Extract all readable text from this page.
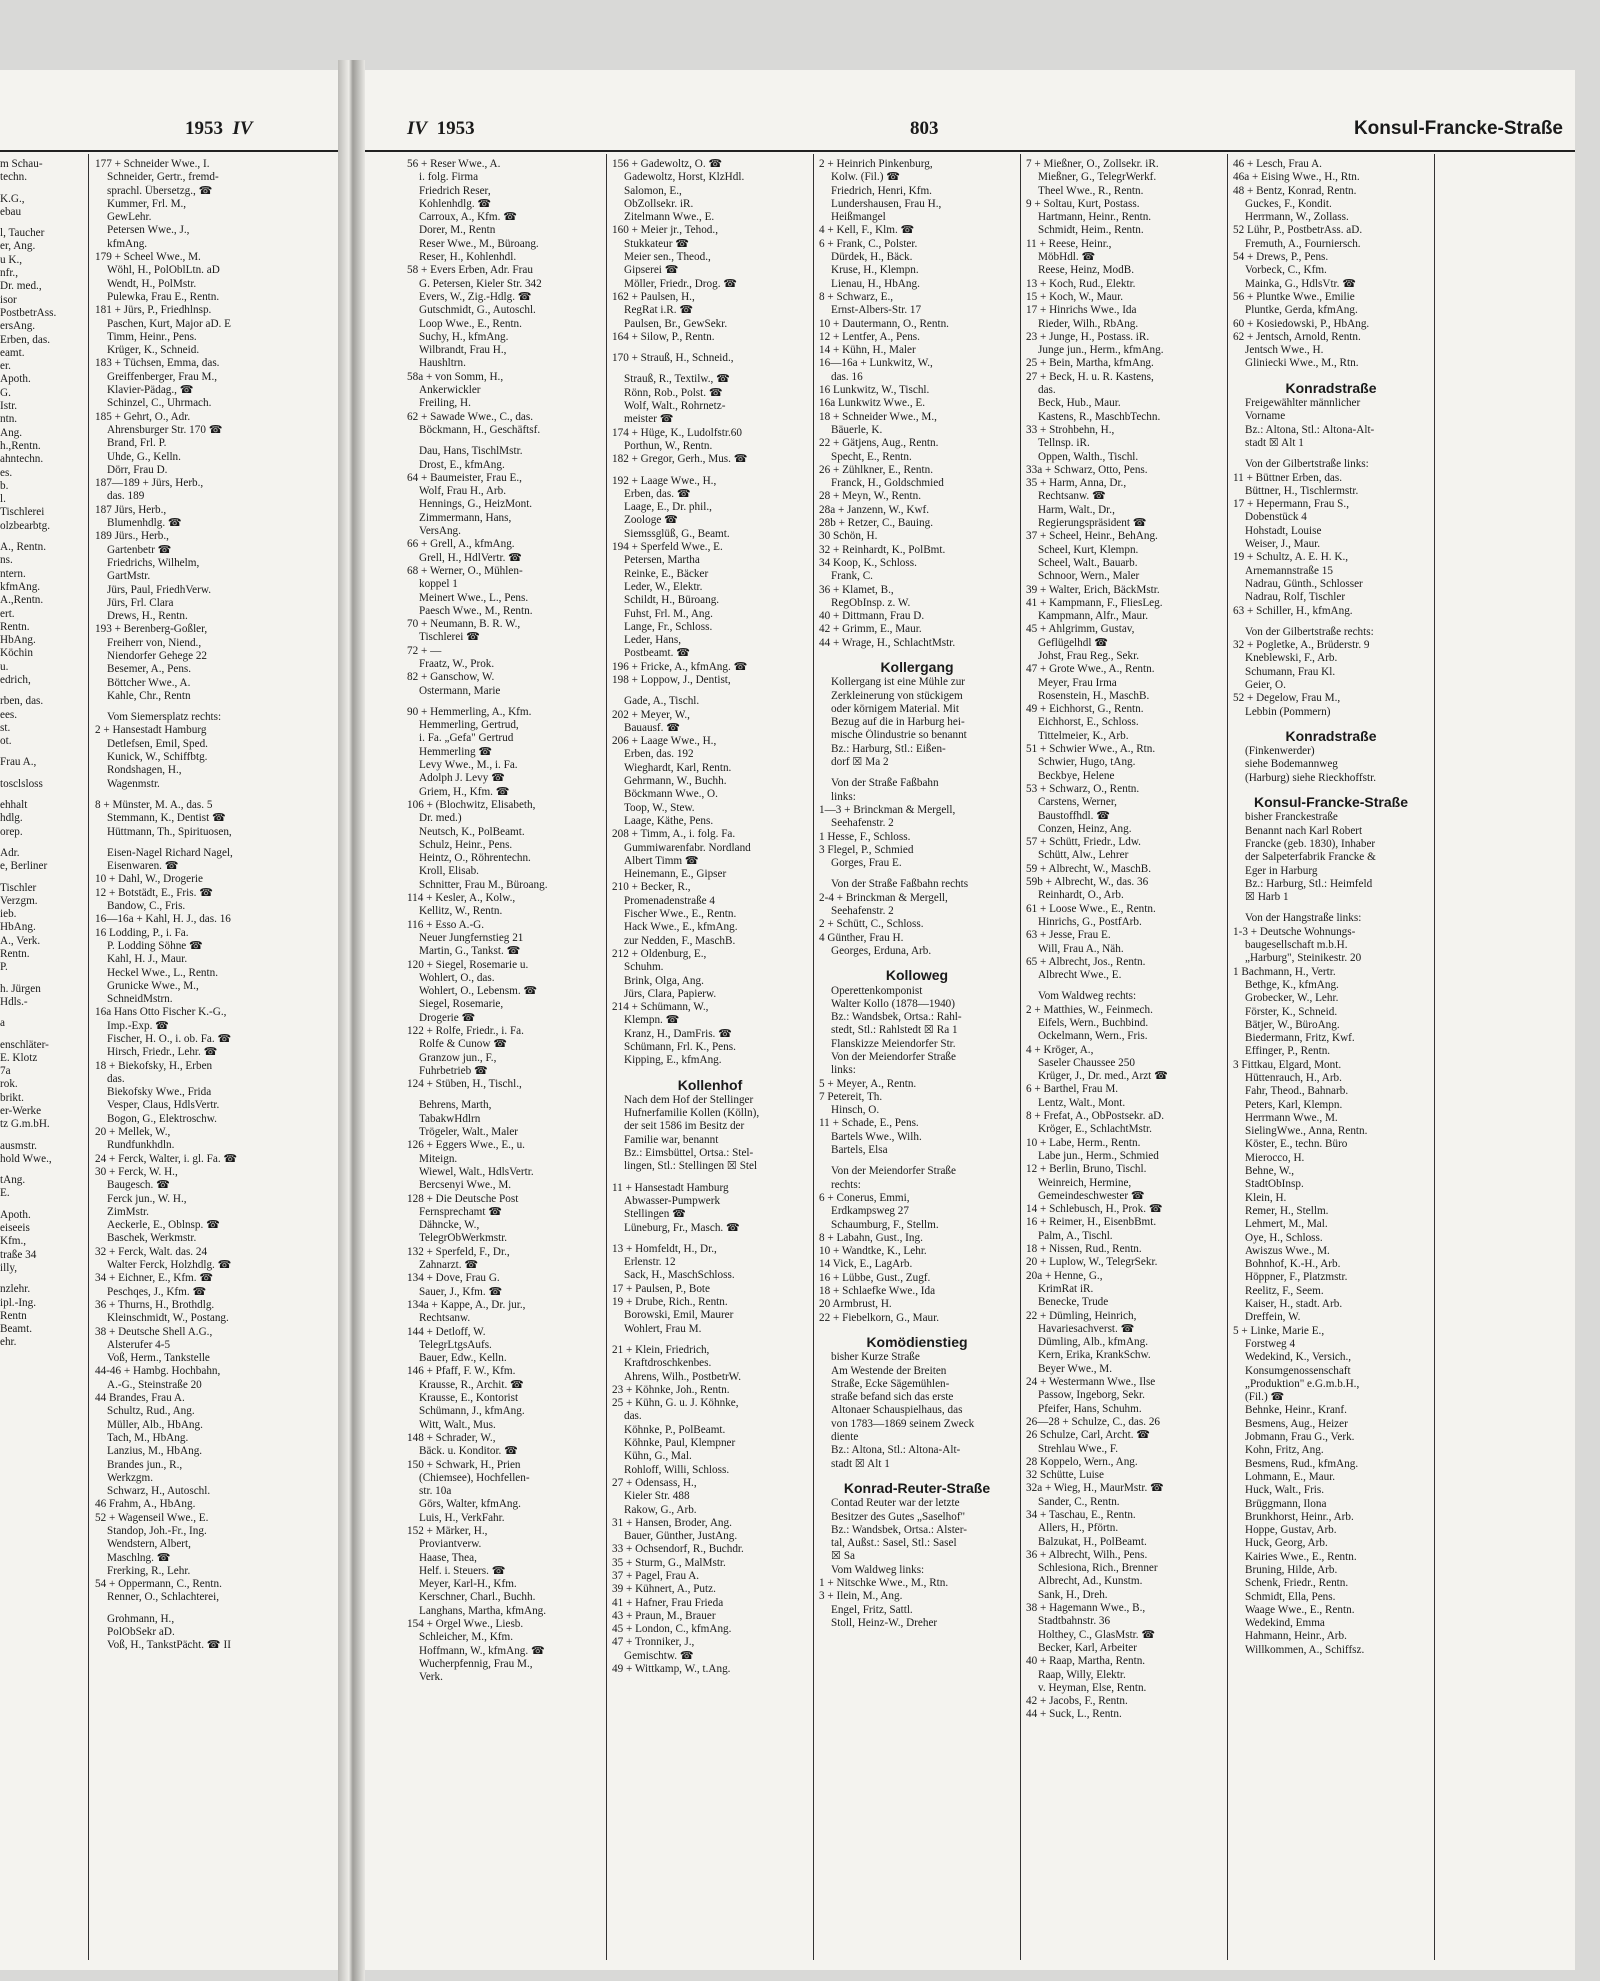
1953 IV
m Schau-
techn.
K.G.,
ebau
l, Taucher
er, Ang.
u K.,
nfr.,
Dr. med.,
isor
PostbetrAss.
ersAng.
Erben, das.
eamt.
er.
Apoth.
G.
Istr.
ntn.
Ang.
h.,Rentn.
ahntechn.
es.
b.
l.
Tischlerei
olzbearbtg.
A., Rentn.
ns.
ntern.
kfmAng.
A.,Rentn.
ert.
Rentn.
HbAng.
Köchin
u.
edrich,
rben, das.
ees.
st.
ot.
Frau A.,
tosclsloss
ehhalt
hdlg.
orep.
Adr.
e, Berliner
Tischler
Verzgm.
ieb.
HbAng.
A., Verk.
Rentn.
P.
h. Jürgen
Hdls.-
a
enschläter-
E. Klotz
7a
rok.
brikt.
er-Werke
tz G.m.bH.
ausmstr.
hold Wwe.,
tAng.
E.
Apoth.
eiseeis
Kfm.,
traße 34
illy,
nzlehr.
ipl.-Ing.
Rentn
Beamt.
ehr.
177 + Schneider Wwe., I.
Schneider, Gertr., fremd-
sprachl. Übersetzg., ☎
Kummer, Frl. M.,
GewLehr.
Petersen Wwe., J.,
kfmAng.
179 + Scheel Wwe., M.
Wöhl, H., PolOblLtn. aD
Wendt, H., PolMstr.
Pulewka, Frau E., Rentn.
181 + Jürs, P., Friedhlnsp.
Paschen, Kurt, Major aD. E
Timm, Heinr., Pens.
Krüger, K., Schneid.
183 + Tüchsen, Emma, das.
Greiffenberger, Frau M.,
Klavier-Pädag., ☎
Schinzel, C., Uhrmach.
185 + Gehrt, O., Adr.
Ahrensburger Str. 170 ☎
Brand, Frl. P.
Uhde, G., Kelln.
Dörr, Frau D.
187—189 + Jürs, Herb.,
das. 189
187 Jürs, Herb.,
Blumenhdlg. ☎
189 Jürs., Herb.,
Gartenbetr ☎
Friedrichs, Wilhelm,
GartMstr.
Jürs, Paul, FriedhVerw.
Jürs, Frl. Clara
Drews, H., Rentn.
193 + Berenberg-Goßler,
Freiherr von, Niend.,
Niendorfer Gehege 22
Besemer, A., Pens.
Böttcher Wwe., A.
Kahle, Chr., Rentn
Vom Siemersplatz rechts:
2 + Hansestadt Hamburg
Detlefsen, Emil, Sped.
Kunick, W., Schiffbtg.
Rondshagen, H.,
Wagenmstr.
8 + Münster, M. A., das. 5
Stemmann, K., Dentist ☎
Hüttmann, Th., Spirituosen,
Eisen-Nagel Richard Nagel,
Eisenwaren. ☎
10 + Dahl, W., Drogerie
12 + Botstädt, E., Fris. ☎
Bandow, C., Fris.
16—16a + Kahl, H. J., das. 16
16 Lodding, P., i. Fa.
P. Lodding Söhne ☎
Kahl, H. J., Maur.
Heckel Wwe., L., Rentn.
Grunicke Wwe., M.,
SchneidMstrn.
16a Hans Otto Fischer K.-G.,
Imp.-Exp. ☎
Fischer, H. O., i. ob. Fa. ☎
Hirsch, Friedr., Lehr. ☎
18 + Biekofsky, H., Erben
das.
Biekofsky Wwe., Frida
Vesper, Claus, HdlsVertr.
Bogon, G., Elektroschw.
20 + Mellek, W.,
Rundfunkhdln.
24 + Ferck, Walter, i. gl. Fa. ☎
30 + Ferck, W. H.,
Baugesch. ☎
Ferck jun., W. H.,
ZimMstr.
Aeckerle, E., Oblnsp. ☎
Baschek, Werkmstr.
32 + Ferck, Walt. das. 24
Walter Ferck, Holzhdlg. ☎
34 + Eichner, E., Kfm. ☎
Peschqes, J., Kfm. ☎
36 + Thurns, H., Brothdlg.
Kleinschmidt, W., Postang.
38 + Deutsche Shell A.G.,
Alsterufer 4-5
Voß, Herm., Tankstelle
44-46 + Hambg. Hochbahn,
A.-G., Steinstraße 20
44 Brandes, Frau A.
Schultz, Rud., Ang.
Müller, Alb., HbAng.
Tach, M., HbAng.
Lanzius, M., HbAng.
Brandes jun., R.,
Werkzgm.
Schwarz, H., Autoschl.
46 Frahm, A., HbAng.
52 + Wagenseil Wwe., E.
Standop, Joh.-Fr., Ing.
Wendstern, Albert,
Maschlng. ☎
Frerking, R., Lehr.
54 + Oppermann, C., Rentn.
Renner, O., Schlachterei,
Grohmann, H.,
PolObSekr aD.
Voß, H., TankstPächt. ☎ II
IV 1953	803	Konsul-Francke-Straße
56 + Reser Wwe., A.
i. folg. Firma
Friedrich Reser,
Kohlenhdlg. ☎
Carroux, A., Kfm. ☎
Dorer, M., Rentn
Reser Wwe., M., Büroang.
Reser, H., Kohlenhdl.
58 + Evers Erben, Adr. Frau
G. Petersen, Kieler Str. 342
Evers, W., Zig.-Hdlg. ☎
Gutschmidt, G., Autoschl.
Loop Wwe., E., Rentn.
Suchy, H., kfmAng.
Wilbrandt, Frau H.,
Haushltrn.
58a + von Somm, H.,
Ankerwickler
Freiling, H.
62 + Sawade Wwe., C., das.
Böckmann, H., Geschäftsf.
Dau, Hans, TischlMstr.
Drost, E., kfmAng.
64 + Baumeister, Frau E.,
Wolf, Frau H., Arb.
Hennings, G., HeizMont.
Zimmermann, Hans,
VersAng.
66 + Grell, A., kfmAng.
Grell, H., HdlVertr. ☎
68 + Werner, O., Mühlen-
koppel 1
Meinert Wwe., L., Pens.
Paesch Wwe., M., Rentn.
70 + Neumann, B. R. W.,
Tischlerei ☎
72 + —
Fraatz, W., Prok.
82 + Ganschow, W.
Ostermann, Marie
90 + Hemmerling, A., Kfm.
Hemmerling, Gertrud,
i. Fa. „Gefa" Gertrud
Hemmerling ☎
Levy Wwe., M., i. Fa.
Adolph J. Levy ☎
Griem, H., Kfm. ☎
106 + (Blochwitz, Elisabeth,
Dr. med.)
Neutsch, K., PolBeamt.
Schulz, Heinr., Pens.
Heintz, O., Röhrentechn.
Kroll, Elisab.
Schnitter, Frau M., Büroang.
114 + Kesler, A., Kolw.,
Kellitz, W., Rentn.
116 + Esso A.-G.
Neuer Jungfernstieg 21
Martin, G., Tankst. ☎
120 + Siegel, Rosemarie u.
Wohlert, O., das.
Wohlert, O., Lebensm. ☎
Siegel, Rosemarie,
Drogerie ☎
122 + Rolfe, Friedr., i. Fa.
Rolfe & Cunow ☎
Granzow jun., F.,
Fuhrbetrieb ☎
124 + Stüben, H., Tischl.,
Behrens, Marth,
TabakwHdlrn
Trögeler, Walt., Maler
126 + Eggers Wwe., E., u.
Miteign.
Wiewel, Walt., HdlsVertr.
Bercsenyi Wwe., M.
128 + Die Deutsche Post
Fernsprechamt ☎
Dähncke, W.,
TelegrObWerkmstr.
132 + Sperfeld, F., Dr.,
Zahnarzt. ☎
134 + Dove, Frau G.
Sauer, J., Kfm. ☎
134a + Kappe, A., Dr. jur.,
Rechtsanw.
144 + Detloff, W.
TelegrLtgsAufs.
Bauer, Edw., Kelln.
146 + Pfaff, F. W., Kfm.
Krausse, R., Archit. ☎
Krausse, E., Kontorist
Schümann, J., kfmAng.
Witt, Walt., Mus.
148 + Schrader, W.,
Bäck. u. Konditor. ☎
150 + Schwark, H., Prien
(Chiemsee), Hochfellen-
str. 10a
Görs, Walter, kfmAng.
Luis, H., VerkFahr.
152 + Märker, H.,
Proviantverw.
Haase, Thea,
Helf. i. Steuers. ☎
Meyer, Karl-H., Kfm.
Kerschner, Charl., Buchh.
Langhans, Martha, kfmAng.
154 + Orgel Wwe., Liesb.
Schleicher, M., Kfm.
Hoffmann, W., kfmAng. ☎
Wucherpfennig, Frau M.,
Verk.
156 + Gadewoltz, O. ☎
Gadewoltz, Horst, KlzHdl.
Salomon, E.,
ObZollsekr. iR.
Zitelmann Wwe., E.
160 + Meier jr., Tehod.,
Stukkateur ☎
Meier sen., Theod.,
Gipserei ☎
Möller, Friedr., Drog. ☎
162 + Paulsen, H.,
RegRat i.R. ☎
Paulsen, Br., GewSekr.
164 + Silow, P., Rentn.
170 + Strauß, H., Schneid.,
Strauß, R., Textilw., ☎
Rönn, Rob., Polst. ☎
Wolf, Walt., Rohrnetz-
meister ☎
174 + Hüge, K., Ludolfstr.60
Porthun, W., Rentn.
182 + Gregor, Gerh., Mus. ☎
192 + Laage Wwe., H.,
Erben, das. ☎
Laage, E., Dr. phil.,
Zoologe ☎
Siemssglüß, G., Beamt.
194 + Sperfeld Wwe., E.
Petersen, Martha
Reinke, E., Bäcker
Leder, W., Elektr.
Schildt, H., Büroang.
Fuhst, Frl. M., Ang.
Lange, Fr., Schloss.
Leder, Hans,
Postbeamt. ☎
196 + Fricke, A., kfmAng. ☎
198 + Loppow, J., Dentist,
Gade, A., Tischl.
202 + Meyer, W.,
Bauausf. ☎
206 + Laage Wwe., H.,
Erben, das. 192
Wieghardt, Karl, Rentn.
Gehrmann, W., Buchh.
Böckmann Wwe., O.
Toop, W., Stew.
Laage, Käthe, Pens.
208 + Timm, A., i. folg. Fa.
Gummiwarenfabr. Nordland
Albert Timm ☎
Heinemann, E., Gipser
210 + Becker, R.,
Promenadenstraße 4
Fischer Wwe., E., Rentn.
Hack Wwe., E., kfmAng.
zur Nedden, F., MaschB.
212 + Oldenburg, E.,
Schuhm.
Brink, Olga, Ang.
Jürs, Clara, Papierw.
214 + Schümann, W.,
Klempn. ☎
Kranz, H., DamFris. ☎
Schümann, Frl. K., Pens.
Kipping, E., kfmAng.
Kollenhof
Nach dem Hof der Stellinger
Hufnerfamilie Kollen (Kölln),
der seit 1586 im Besitz der
Familie war, benannt
Bz.: Eimsbüttel, Ortsa.: Stel-
lingen, Stl.: Stellingen ☒ Stel
11 + Hansestadt Hamburg
Abwasser-Pumpwerk
Stellingen ☎
Lüneburg, Fr., Masch. ☎
13 + Homfeldt, H., Dr.,
Erlenstr. 12
Sack, H., MaschSchloss.
17 + Paulsen, P., Bote
19 + Drube, Rich., Rentn.
Borowski, Emil, Maurer
Wohlert, Frau M.
21 + Klein, Friedrich,
Kraftdroschkenbes.
Ahrens, Wilh., PostbetrW.
23 + Köhnke, Joh., Rentn.
25 + Kühn, G. u. J. Köhnke,
das.
Köhnke, P., PolBeamt.
Köhnke, Paul, Klempner
Kühn, G., Mal.
Rohloff, Willi, Schloss.
27 + Odensass, H.,
Kieler Str. 488
Rakow, G., Arb.
31 + Hansen, Broder, Ang.
Bauer, Günther, JustAng.
33 + Ochsendorf, R., Buchdr.
35 + Sturm, G., MalMstr.
37 + Pagel, Frau A.
39 + Kühnert, A., Putz.
41 + Hafner, Frau Frieda
43 + Praun, M., Brauer
45 + London, C., kfmAng.
47 + Tronniker, J.,
Gemischtw. ☎
49 + Wittkamp, W., t.Ang.
2 + Heinrich Pinkenburg,
Kolw. (Fil.) ☎
Friedrich, Henri, Kfm.
Lundershausen, Frau H.,
Heißmangel
4 + Kell, F., Klm. ☎
6 + Frank, C., Polster.
Dürdek, H., Bäck.
Kruse, H., Klempn.
Lienau, H., HbAng.
8 + Schwarz, E.,
Ernst-Albers-Str. 17
10 + Dautermann, O., Rentn.
12 + Lentfer, A., Pens.
14 + Kühn, H., Maler
16—16a + Lunkwitz, W.,
das. 16
16 Lunkwitz, W., Tischl.
16a Lunkwitz Wwe., E.
18 + Schneider Wwe., M.,
Bäuerle, K.
22 + Gätjens, Aug., Rentn.
Specht, E., Rentn.
26 + Zühlkner, E., Rentn.
Franck, H., Goldschmied
28 + Meyn, W., Rentn.
28a + Janzenn, W., Kwf.
28b + Retzer, C., Bauing.
30 Schön, H.
32 + Reinhardt, K., PolBmt.
34 Koop, K., Schloss.
Frank, C.
36 + Klamet, B.,
RegObInsp. z. W.
40 + Dittmann, Frau D.
42 + Grimm, E., Maur.
44 + Wrage, H., SchlachtMstr.
Kollergang
Kollergang ist eine Mühle zur
Zerkleinerung von stückigem
oder körnigem Material. Mit
Bezug auf die in Harburg hei-
mische Ölindustrie so benannt
Bz.: Harburg, Stl.: Eißen-
dorf ☒ Ma 2
Von der Straße Faßbahn
links:
1—3 + Brinckman & Mergell,
Seehafenstr. 2
1 Hesse, F., Schloss.
3 Flegel, P., Schmied
Gorges, Frau E.
Von der Straße Faßbahn rechts
2-4 + Brinckman & Mergell,
Seehafenstr. 2
2 + Schütt, C., Schloss.
4 Günther, Frau H.
Georges, Erduna, Arb.
Kolloweg
Operettenkomponist
Walter Kollo (1878—1940)
Bz.: Wandsbek, Ortsa.: Rahl-
stedt, Stl.: Rahlstedt ☒ Ra 1
Flanskizze Meiendorfer Str.
Von der Meiendorfer Straße
links:
5 + Meyer, A., Rentn.
7 Petereit, Th.
Hinsch, O.
11 + Schade, E., Pens.
Bartels Wwe., Wilh.
Bartels, Elsa
Von der Meiendorfer Straße
rechts:
6 + Conerus, Emmi,
Erdkampsweg 27
Schaumburg, F., Stellm.
8 + Labahn, Gust., Ing.
10 + Wandtke, K., Lehr.
14 Vick, E., LagArb.
16 + Lübbe, Gust., Zugf.
18 + Schlaefke Wwe., Ida
20 Armbrust, H.
22 + Fiebelkorn, G., Maur.
Komödienstieg
bisher Kurze Straße
Am Westende der Breiten
Straße, Ecke Sägemühlen-
straße befand sich das erste
Altonaer Schauspielhaus, das
von 1783—1869 seinem Zweck
diente
Bz.: Altona, Stl.: Altona-Alt-
stadt ☒ Alt 1
Konrad-Reuter-Straße
Contad Reuter war der letzte
Besitzer des Gutes „Saselhof"
Bz.: Wandsbek, Ortsa.: Alster-
tal, Außst.: Sasel, Stl.: Sasel
☒ Sa
Vom Waldweg links:
1 + Nitschke Wwe., M., Rtn.
3 + Ilein, M., Ang.
Engel, Fritz, Sattl.
Stoll, Heinz-W., Dreher
7 + Mießner, O., Zollsekr. iR.
Mießner, G., TelegrWerkf.
Theel Wwe., R., Rentn.
9 + Soltau, Kurt, Postass.
Hartmann, Heinr., Rentn.
Schmidt, Heim., Rentn.
11 + Reese, Heinr.,
MöbHdl. ☎
Reese, Heinz, ModB.
13 + Koch, Rud., Elektr.
15 + Koch, W., Maur.
17 + Hinrichs Wwe., Ida
Rieder, Wilh., RbAng.
23 + Junge, H., Postass. iR.
Junge jun., Herm., kfmAng.
25 + Bein, Martha, kfmAng.
27 + Beck, H. u. R. Kastens,
das.
Beck, Hub., Maur.
Kastens, R., MaschbTechn.
33 + Strohbehn, H.,
Tellnsp. iR.
Oppen, Walth., Tischl.
33a + Schwarz, Otto, Pens.
35 + Harm, Anna, Dr.,
Rechtsanw. ☎
Harm, Walt., Dr.,
Regierungspräsident ☎
37 + Scheel, Heinr., BehAng.
Scheel, Kurt, Klempn.
Scheel, Walt., Bauarb.
Schnoor, Wern., Maler
39 + Walter, Erich, BäckMstr.
41 + Kampmann, F., FliesLeg.
Kampmann, Alfr., Maur.
45 + Ahlgrimm, Gustav,
Geflügelhdl ☎
Johst, Frau Reg., Sekr.
47 + Grote Wwe., A., Rentn.
Meyer, Frau Irma
Rosenstein, H., MaschB.
49 + Eichhorst, G., Rentn.
Eichhorst, E., Schloss.
Tittelmeier, K., Arb.
51 + Schwier Wwe., A., Rtn.
Schwier, Hugo, tAng.
Beckbye, Helene
53 + Schwarz, O., Rentn.
Carstens, Werner,
Baustoffhdl. ☎
Conzen, Heinz, Ang.
57 + Schütt, Friedr., Ldw.
Schütt, Alw., Lehrer
59 + Albrecht, W., MaschB.
59b + Albrecht, W., das. 36
Reinhardt, O., Arb.
61 + Loose Wwe., E., Rentn.
Hinrichs, G., PostfArb.
63 + Jesse, Frau E.
Will, Frau A., Näh.
65 + Albrecht, Jos., Rentn.
Albrecht Wwe., E.
Vom Waldweg rechts:
2 + Matthies, W., Feinmech.
Eifels, Wern., Buchbind.
Ockelmann, Wern., Fris.
4 + Kröger, A.,
Saseler Chaussee 250
Krüger, J., Dr. med., Arzt ☎
6 + Barthel, Frau M.
Lentz, Walt., Mont.
8 + Frefat, A., ObPostsekr. aD.
Kröger, E., SchlachtMstr.
10 + Labe, Herm., Rentn.
Labe jun., Herm., Schmied
12 + Berlin, Bruno, Tischl.
Weinreich, Hermine,
Gemeindeschwester ☎
14 + Schlebusch, H., Prok. ☎
16 + Reimer, H., EisenbBmt.
Palm, A., Tischl.
18 + Nissen, Rud., Rentn.
20 + Luplow, W., TelegrSekr.
20a + Henne, G.,
KrimRat iR.
Benecke, Trude
22 + Dümling, Heinrich,
Havariesachverst. ☎
Dümling, Alb., kfmAng.
Kern, Erika, KrankSchw.
Beyer Wwe., M.
24 + Westermann Wwe., Ilse
Passow, Ingeborg, Sekr.
Pfeifer, Hans, Schuhm.
26—28 + Schulze, C., das. 26
26 Schulze, Carl, Archt. ☎
Strehlau Wwe., F.
28 Koppelo, Wern., Ang.
32 Schütte, Luise
32a + Wieg, H., MaurMstr. ☎
Sander, C., Rentn.
34 + Taschau, E., Rentn.
Allers, H., Pförtn.
Balzukat, H., PolBeamt.
36 + Albrecht, Wilh., Pens.
Schlesiona, Rich., Brenner
Albrecht, Ad., Kunstm.
Sank, H., Dreh.
38 + Hagemann Wwe., B.,
Stadtbahnstr. 36
Holthey, C., GlasMstr. ☎
Becker, Karl, Arbeiter
40 + Raap, Martha, Rentn.
Raap, Willy, Elektr.
v. Heyman, Else, Rentn.
42 + Jacobs, F., Rentn.
44 + Suck, L., Rentn.
46 + Lesch, Frau A.
46a + Eising Wwe., H., Rtn.
48 + Bentz, Konrad, Rentn.
Guckes, F., Kondit.
Herrmann, W., Zollass.
52 Lühr, P., PostbetrAss. aD.
Fremuth, A., Fourniersch.
54 + Drews, P., Pens.
Vorbeck, C., Kfm.
Mainka, G., HdlsVtr. ☎
56 + Pluntke Wwe., Emilie
Pluntke, Gerda, kfmAng.
60 + Kosiedowski, P., HbAng.
62 + Jentsch, Arnold, Rentn.
Jentsch Wwe., H.
Gliniecki Wwe., M., Rtn.
Konradstraße
Freigewählter männlicher
Vorname
Bz.: Altona, Stl.: Altona-Alt-
stadt ☒ Alt 1
Von der Gilbertstraße links:
11 + Büttner Erben, das.
Büttner, H., Tischlermstr.
17 + Hepermann, Frau S.,
Dobenstück 4
Hohstadt, Louise
Weiser, J., Maur.
19 + Schultz, A. E. H. K.,
Arnemannstraße 15
Nadrau, Günth., Schlosser
Nadrau, Rolf, Tischler
63 + Schiller, H., kfmAng.
Von der Gilbertstraße rechts:
32 + Pogletke, A., Brüderstr. 9
Kneblewski, F., Arb.
Schumann, Frau Kl.
Geier, O.
52 + Degelow, Frau M.,
Lebbin (Pommern)
Konradstraße
(Finkenwerder)
siehe Bodemannweg
(Harburg) siehe Rieckhoffstr.
Konsul-Francke-Straße
bisher Franckestraße
Benannt nach Karl Robert
Francke (geb. 1830), Inhaber
der Salpeterfabrik Francke &
Eger in Harburg
Bz.: Harburg, Stl.: Heimfeld
☒ Harb 1
Von der Hangstraße links:
1-3 + Deutsche Wohnungs-
baugesellschaft m.b.H.
„Harburg", Steinikestr. 20
1 Bachmann, H., Vertr.
Bethge, K., kfmAng.
Grobecker, W., Lehr.
Förster, K., Schneid.
Bätjer, W., BüroAng.
Biedermann, Fritz, Kwf.
Effinger, P., Rentn.
3 Fittkau, Elgard, Mont.
Hüttenrauch, H., Arb.
Fahr, Theod., Bahnarb.
Peters, Karl, Klempn.
Herrmann Wwe., M.
SielingWwe., Anna, Rentn.
Köster, E., techn. Büro
Mierocco, H.
Behne, W.,
StadtObInsp.
Klein, H.
Remer, H., Stellm.
Lehmert, M., Mal.
Oye, H., Schloss.
Awiszus Wwe., M.
Bohnhof, K.-H., Arb.
Höppner, F., Platzmstr.
Reelitz, F., Seem.
Kaiser, H., stadt. Arb.
Dreffein, W.
5 + Linke, Marie E.,
Forstweg 4
Wedekind, K., Versich.,
Konsumgenossenschaft
„Produktion" e.G.m.b.H.,
(Fil.) ☎
Behnke, Heinr., Kranf.
Besmens, Aug., Heizer
Jobmann, Frau G., Verk.
Kohn, Fritz, Ang.
Besmens, Rud., kfmAng.
Lohmann, E., Maur.
Huck, Walt., Fris.
Brüggmann, Ilona
Brunkhorst, Heinr., Arb.
Hoppe, Gustav, Arb.
Huck, Georg, Arb.
Kairies Wwe., E., Rentn.
Bruning, Hilde, Arb.
Schenk, Friedr., Rentn.
Schmidt, Ella, Pens.
Waage Wwe., E., Rentn.
Wedekind, Emma
Hahmann, Heinr., Arb.
Willkommen, A., Schiffsz.
